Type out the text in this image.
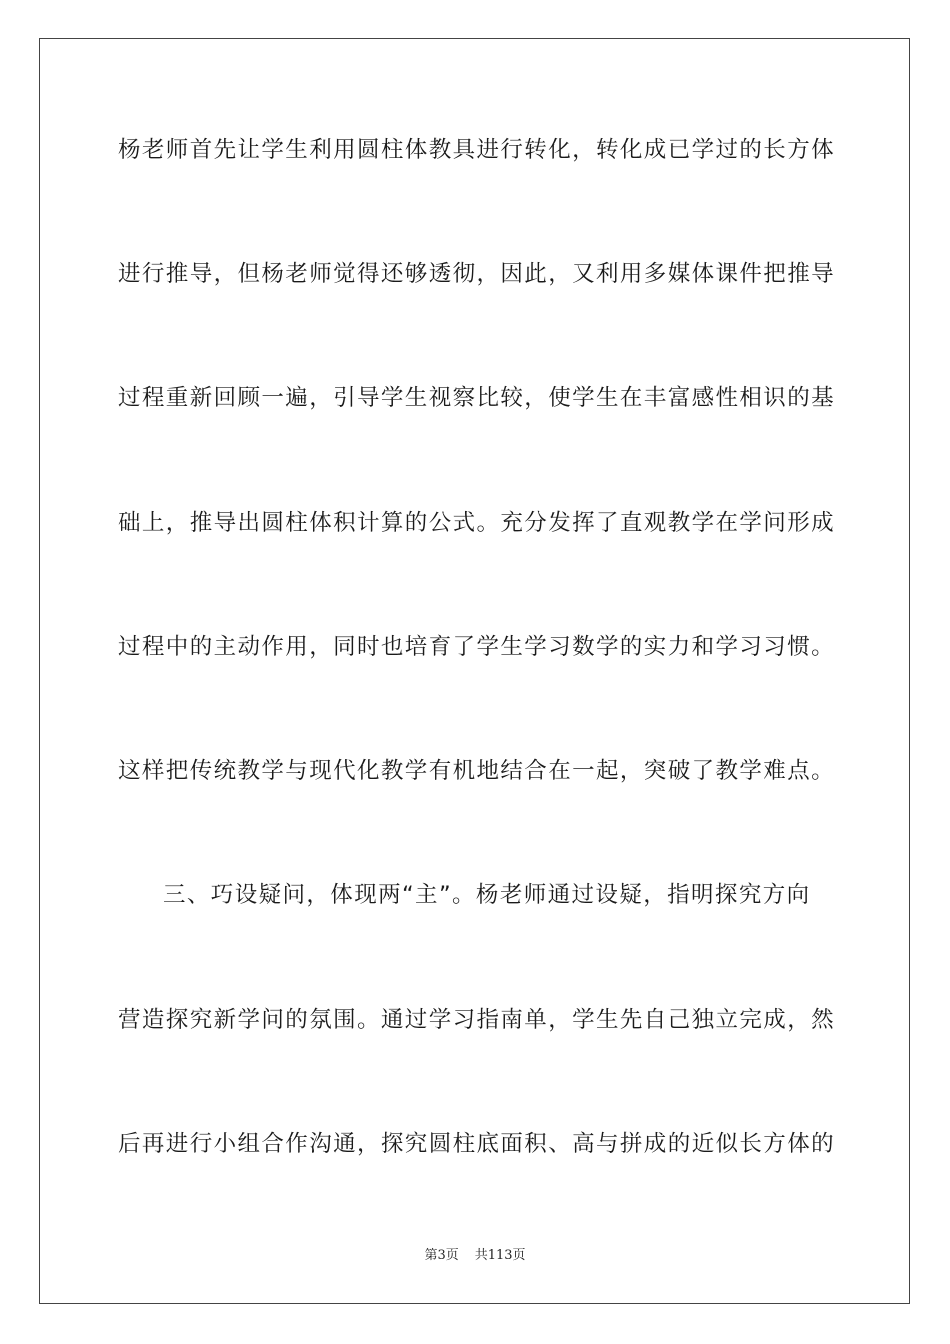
杨老师首先让学生利用圆柱体教具进行转化，转化成已学过的长方体
进行推导，但杨老师觉得还够透彻，因此，又利用多媒体课件把推导
过程重新回顾一遍，引导学生视察比较，使学生在丰富感性相识的基
础上，推导出圆柱体积计算的公式。充分发挥了直观教学在学问形成
过程中的主动作用，同时也培育了学生学习数学的实力和学习习惯。
这样把传统教学与现代化教学有机地结合在一起，突破了教学难点。
三、巧设疑问，体现两“主”。杨老师通过设疑，指明探究方向
营造探究新学问的氛围。通过学习指南单，学生先自己独立完成，然
后再进行小组合作沟通，探究圆柱底面积、高与拼成的近似长方体的
第3页 共113页
